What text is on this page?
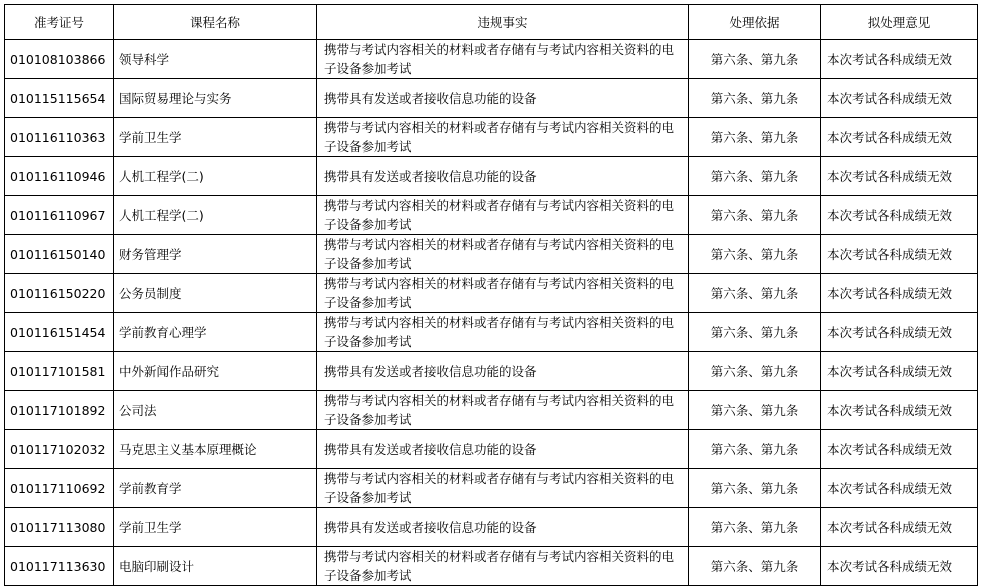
准考证号	课程名称	违规事实	处理依据	拟处理意见
010108103866	领导科学	携带与考试内容相关的材料或者存储有与考试内容相关资料的电子设备参加考试	第六条、第九条	本次考试各科成绩无效
010115115654	国际贸易理论与实务	携带具有发送或者接收信息功能的设备	第六条、第九条	本次考试各科成绩无效
010116110363	学前卫生学	携带与考试内容相关的材料或者存储有与考试内容相关资料的电子设备参加考试	第六条、第九条	本次考试各科成绩无效
010116110946	人机工程学(二)	携带具有发送或者接收信息功能的设备	第六条、第九条	本次考试各科成绩无效
010116110967	人机工程学(二)	携带与考试内容相关的材料或者存储有与考试内容相关资料的电子设备参加考试	第六条、第九条	本次考试各科成绩无效
010116150140	财务管理学	携带与考试内容相关的材料或者存储有与考试内容相关资料的电子设备参加考试	第六条、第九条	本次考试各科成绩无效
010116150220	公务员制度	携带与考试内容相关的材料或者存储有与考试内容相关资料的电子设备参加考试	第六条、第九条	本次考试各科成绩无效
010116151454	学前教育心理学	携带与考试内容相关的材料或者存储有与考试内容相关资料的电子设备参加考试	第六条、第九条	本次考试各科成绩无效
010117101581	中外新闻作品研究	携带具有发送或者接收信息功能的设备	第六条、第九条	本次考试各科成绩无效
010117101892	公司法	携带与考试内容相关的材料或者存储有与考试内容相关资料的电子设备参加考试	第六条、第九条	本次考试各科成绩无效
010117102032	马克思主义基本原理概论	携带具有发送或者接收信息功能的设备	第六条、第九条	本次考试各科成绩无效
010117110692	学前教育学	携带与考试内容相关的材料或者存储有与考试内容相关资料的电子设备参加考试	第六条、第九条	本次考试各科成绩无效
010117113080	学前卫生学	携带具有发送或者接收信息功能的设备	第六条、第九条	本次考试各科成绩无效
010117113630	电脑印刷设计	携带与考试内容相关的材料或者存储有与考试内容相关资料的电子设备参加考试	第六条、第九条	本次考试各科成绩无效
